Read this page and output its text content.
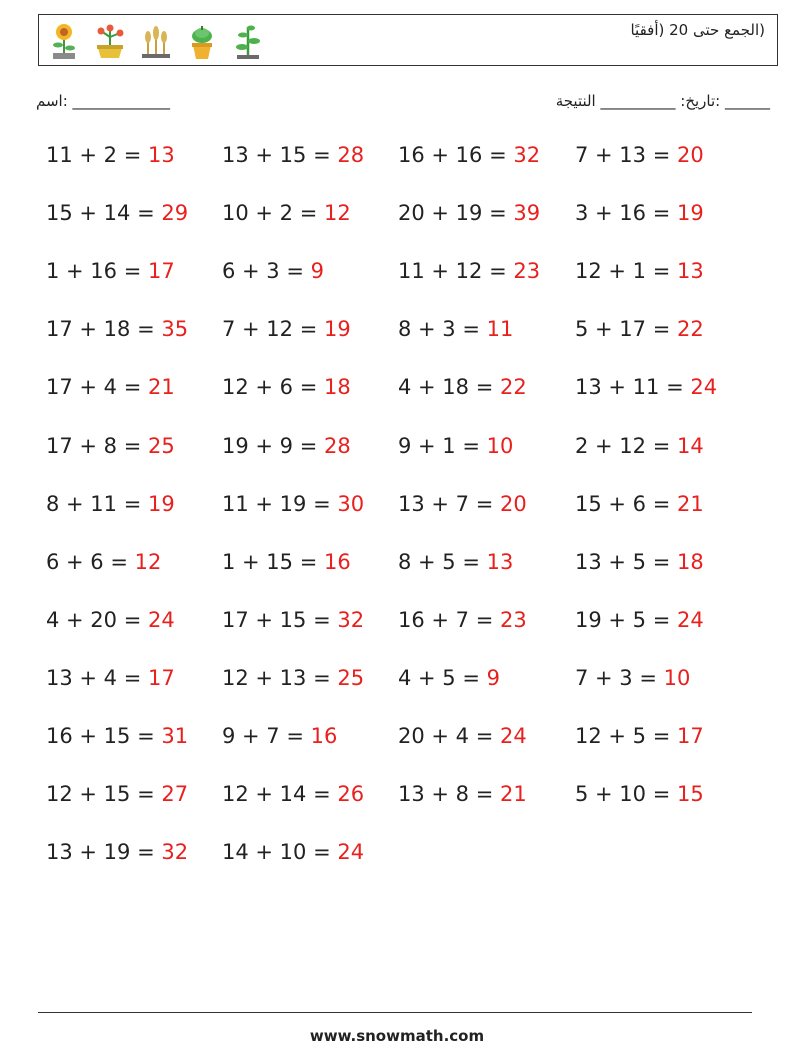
(الجمع حتى 20 (أفقيًا
اسم: _____________	______ :تاريخ: __________ النتيجة
11 + 2 = 13 13 + 15 = 28 16 + 16 = 32 7 + 13 = 20
15 + 14 = 29 10 + 2 = 12 20 + 19 = 39 3 + 16 = 19
1 + 16 = 17 6 + 3 = 9	11 + 12 = 23 12 + 1 = 13
17 + 18 = 35 7 + 12 = 19 8 + 3 = 11	5 + 17 = 22
17 + 4 = 21 12 + 6 = 18 4 + 18 = 22 13 + 11 = 24
17 + 8 = 25 19 + 9 = 28 9 + 1 = 10	2 + 12 = 14
8 + 11 = 19 11 + 19 = 30 13 + 7 = 20 15 + 6 = 21
6 + 6 = 12	1 + 15 = 16 8 + 5 = 13	13 + 5 = 18
4 + 20 = 24 17 + 15 = 32 16 + 7 = 23 19 + 5 = 24
13 + 4 = 17 12 + 13 = 25 4 + 5 = 9	7 + 3 = 10
16 + 15 = 31 9 + 7 = 16	20 + 4 = 24 12 + 5 = 17
12 + 15 = 27 12 + 14 = 26 13 + 8 = 21 5 + 10 = 15
13 + 19 = 32 14 + 10 = 24
www.snowmath.com
